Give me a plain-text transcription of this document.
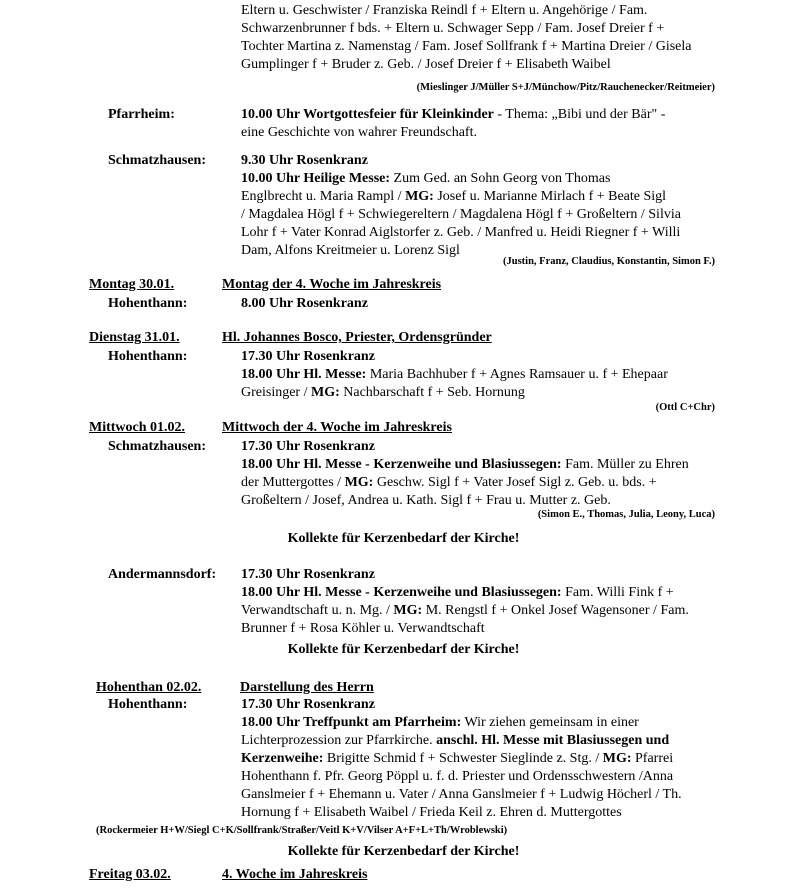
Eltern u. Geschwister / Franziska Reindl f + Eltern u. Angehörige / Fam.
Schwarzenbrunner f bds. + Eltern u. Schwager Sepp / Fam. Josef Dreier f +
Tochter Martina z. Namenstag / Fam. Josef Sollfrank f + Martina Dreier / Gisela
Gumplinger f + Bruder z. Geb. / Josef Dreier f + Elisabeth Waibel
(Mieslinger J/Müller S+J/Münchow/Pitz/Rauchenecker/Reitmeier)
Pfarrheim:	10.00 Uhr Wortgottesfeier für Kleinkinder - Thema: „Bibi und der Bär" -
eine Geschichte von wahrer Freundschaft.
Schmatzhausen: 9.30 Uhr Rosenkranz
10.00 Uhr Heilige Messe: Zum Ged. an Sohn Georg von Thomas
Englbrecht u. Maria Rampl / MG: Josef u. Marianne Mirlach f + Beate Sigl
/ Magdalea Högl f + Schwiegereltern / Magdalena Högl f + Großeltern / Silvia
Lohr f + Vater Konrad Aiglstorfer z. Geb. / Manfred u. Heidi Riegner f + Willi
Dam, Alfons Kreitmeier u. Lorenz Sigl
(Justin, Franz, Claudius, Konstantin, Simon F.)
Montag 30.01.	Montag der 4. Woche im Jahreskreis
Hohenthann:	8.00 Uhr Rosenkranz
Dienstag 31.01.	Hl. Johannes Bosco, Priester, Ordensgründer
Hohenthann:	17.30 Uhr Rosenkranz
18.00 Uhr Hl. Messe: Maria Bachhuber f + Agnes Ramsauer u. f + Ehepaar
Greisinger / MG: Nachbarschaft f + Seb. Hornung
(Ottl C+Chr)
Mittwoch 01.02.	Mittwoch der 4. Woche im Jahreskreis
Schmatzhausen: 17.30 Uhr Rosenkranz
18.00 Uhr Hl. Messe - Kerzenweihe und Blasiussegen: Fam. Müller zu Ehren
der Muttergottes / MG: Geschw. Sigl f + Vater Josef Sigl z. Geb. u. bds. +
Großeltern / Josef, Andrea u. Kath. Sigl f + Frau u. Mutter z. Geb.
(Simon E., Thomas, Julia, Leony, Luca)
Kollekte für Kerzenbedarf der Kirche!
Andermannsdorf: 17.30 Uhr Rosenkranz
18.00 Uhr Hl. Messe - Kerzenweihe und Blasiussegen: Fam. Willi Fink f +
Verwandtschaft u. n. Mg. / MG: M. Rengstl f + Onkel Josef Wagensoner / Fam.
Brunner f + Rosa Köhler u. Verwandtschaft
Kollekte für Kerzenbedarf der Kirche!
Hohenthan 02.02.	Darstellung des Herrn
Hohenthann:	17.30 Uhr Rosenkranz
18.00 Uhr Treffpunkt am Pfarrheim: Wir ziehen gemeinsam in einer
Lichterprozession zur Pfarrkirche. anschl. Hl. Messe mit Blasiussegen und
Kerzenweihe: Brigitte Schmid f + Schwester Sieglinde z. Stg. / MG: Pfarrei
Hohenthann f. Pfr. Georg Pöppl u. f. d. Priester und Ordensschwestern /Anna
Ganslmeier f + Ehemann u. Vater / Anna Ganslmeier f + Ludwig Höcherl / Th.
Hornung f + Elisabeth Waibel / Frieda Keil z. Ehren d. Muttergottes
(Rockermeier H+W/Siegl C+K/Sollfrank/Straßer/Veitl K+V/Vilser A+F+L+Th/Wroblewski)
Kollekte für Kerzenbedarf der Kirche!
Freitag 03.02.	4. Woche im Jahreskreis
